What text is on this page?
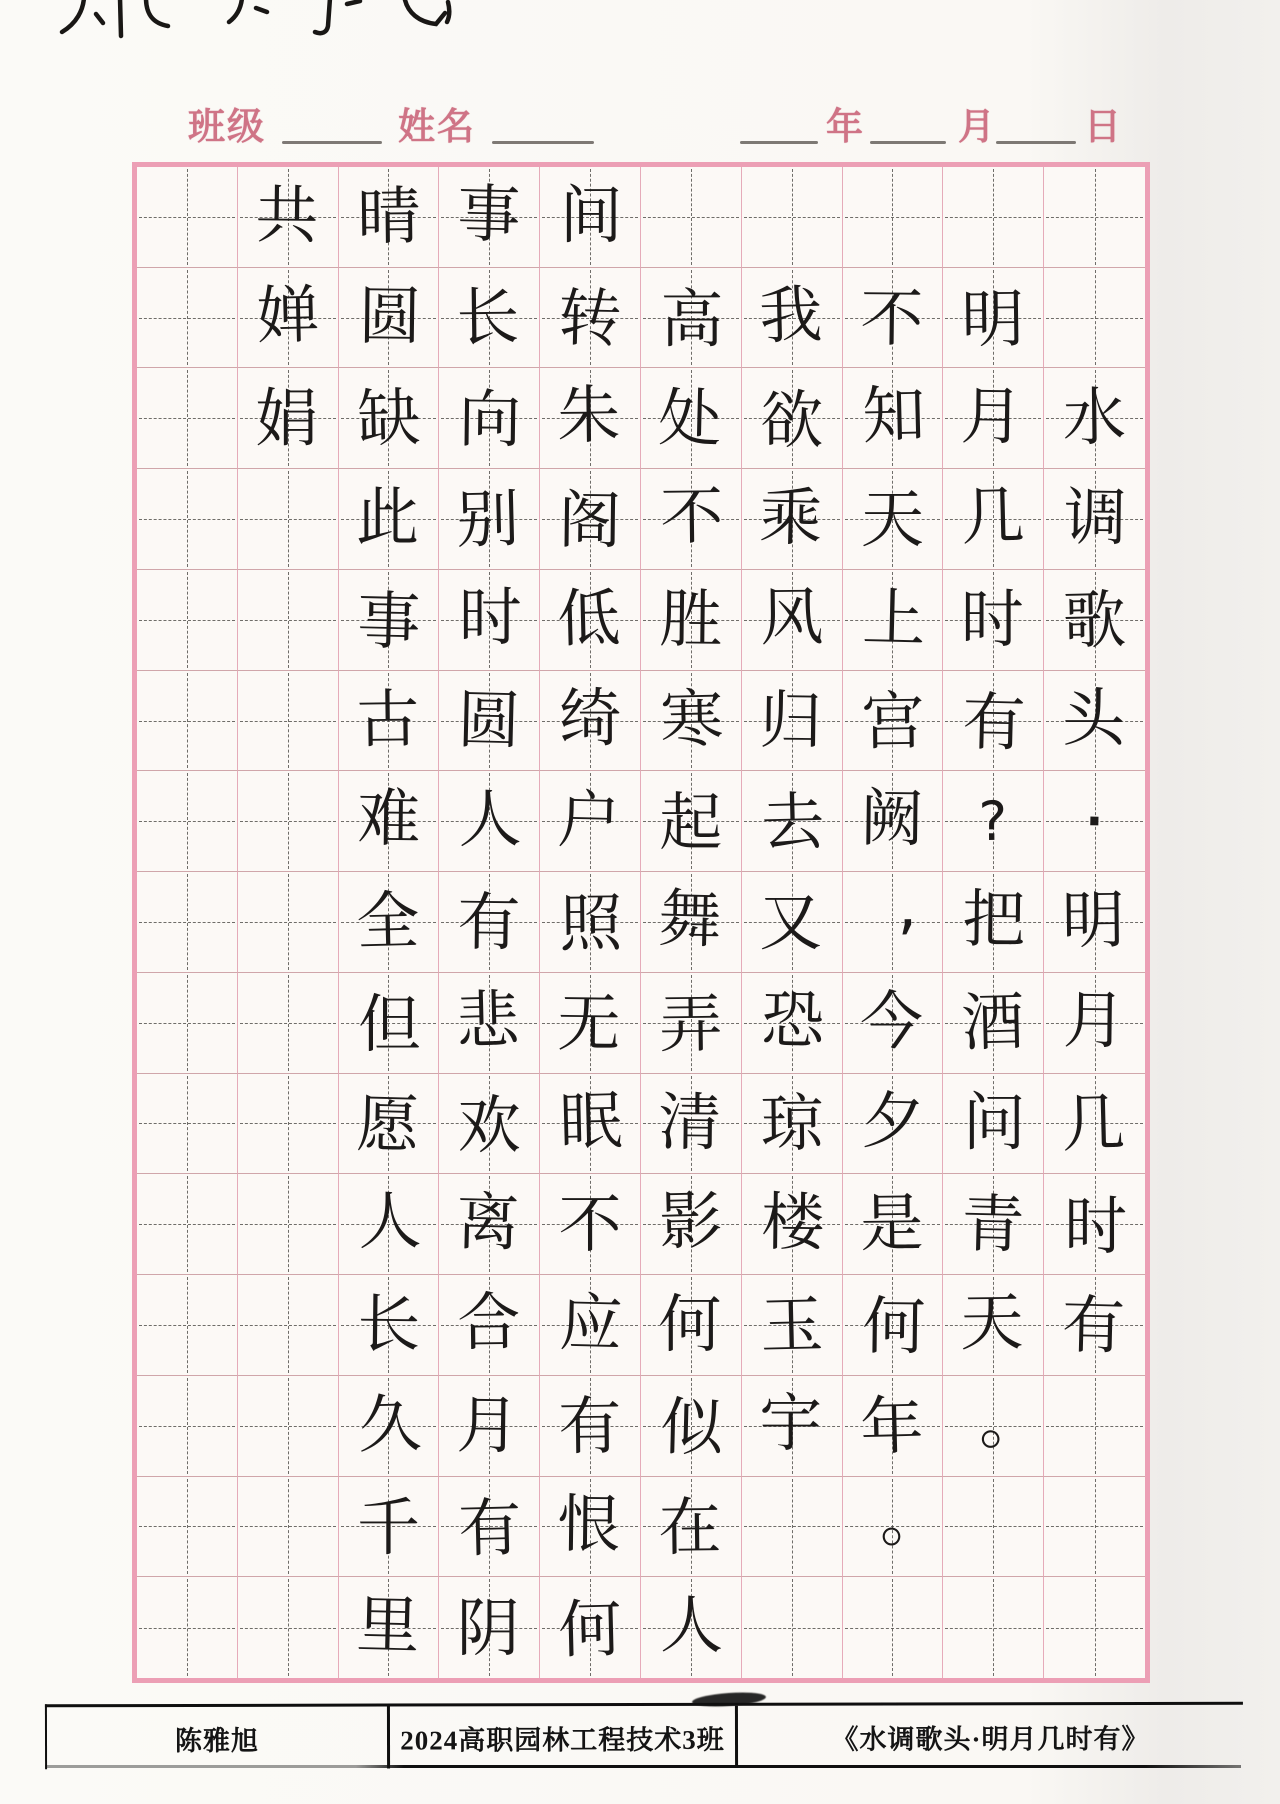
班级	姓名	年	月 日
共 晴 事 间
婵 圆 长 转 高 我 不 明
娟 缺 向 朱 处 欲 知 月 水
此 别 阁 不 乘 天 几 调
事 时 低 胜 风 上 时 歌
古 圆 绮 寒 归 宫 有 头
难 人 户 起 去 阙	?	·
全 有 照 舞 又	, 把 明
但 悲 无 弄 恐 今 酒 月
愿 欢 眠 清 琼 夕 问 几
人 离 不 影 楼 是 青 时
长 合 应 何 玉 何 天 有
久 月 有 似 宇 年 。
千 有 恨 在	。
里 阴 何 人
陈雅旭	2024高职园林工程技术3班	《水调歌头·明月几时有》
